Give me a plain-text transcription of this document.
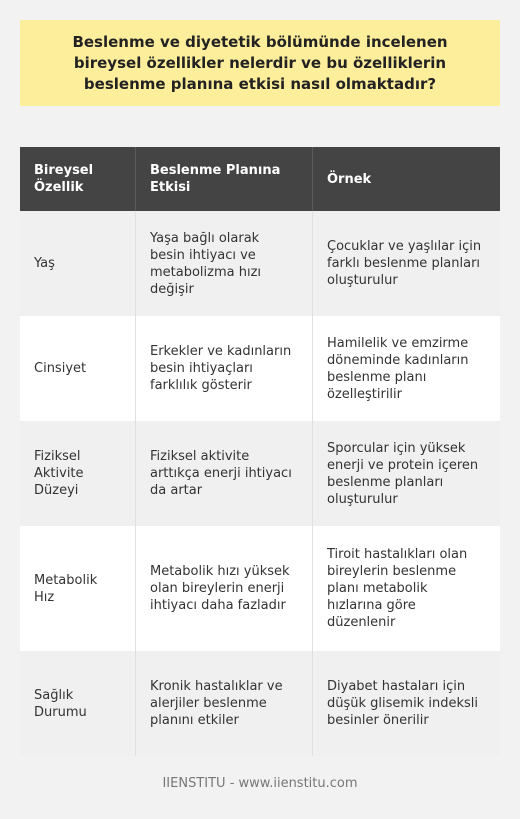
Beslenme ve diyetetik bölümünde incelenen bireysel özellikler nelerdir ve bu özelliklerin beslenme planına etkisi nasıl olmaktadır?
Bireysel Özellik
Beslenme Planına Etkisi
Örnek
Yaş
Yaşa bağlı olarak besin ihtiyacı ve metabolizma hızı değişir
Çocuklar ve yaşlılar için farklı beslenme planları oluşturulur
Cinsiyet
Erkekler ve kadınların besin ihtiyaçları farklılık gösterir
Hamilelik ve emzirme döneminde kadınların beslenme planı özelleştirilir
Fiziksel Aktivite Düzeyi
Fiziksel aktivite arttıkça enerji ihtiyacı da artar
Sporcular için yüksek enerji ve protein içeren beslenme planları oluşturulur
Metabolik Hız
Metabolik hızı yüksek olan bireylerin enerji ihtiyacı daha fazladır
Tiroit hastalıkları olan bireylerin beslenme planı metabolik hızlarına göre düzenlenir
Sağlık Durumu
Kronik hastalıklar ve alerjiler beslenme planını etkiler
Diyabet hastaları için düşük glisemik indeksli besinler önerilir
IIENSTITU - www.iienstitu.com
